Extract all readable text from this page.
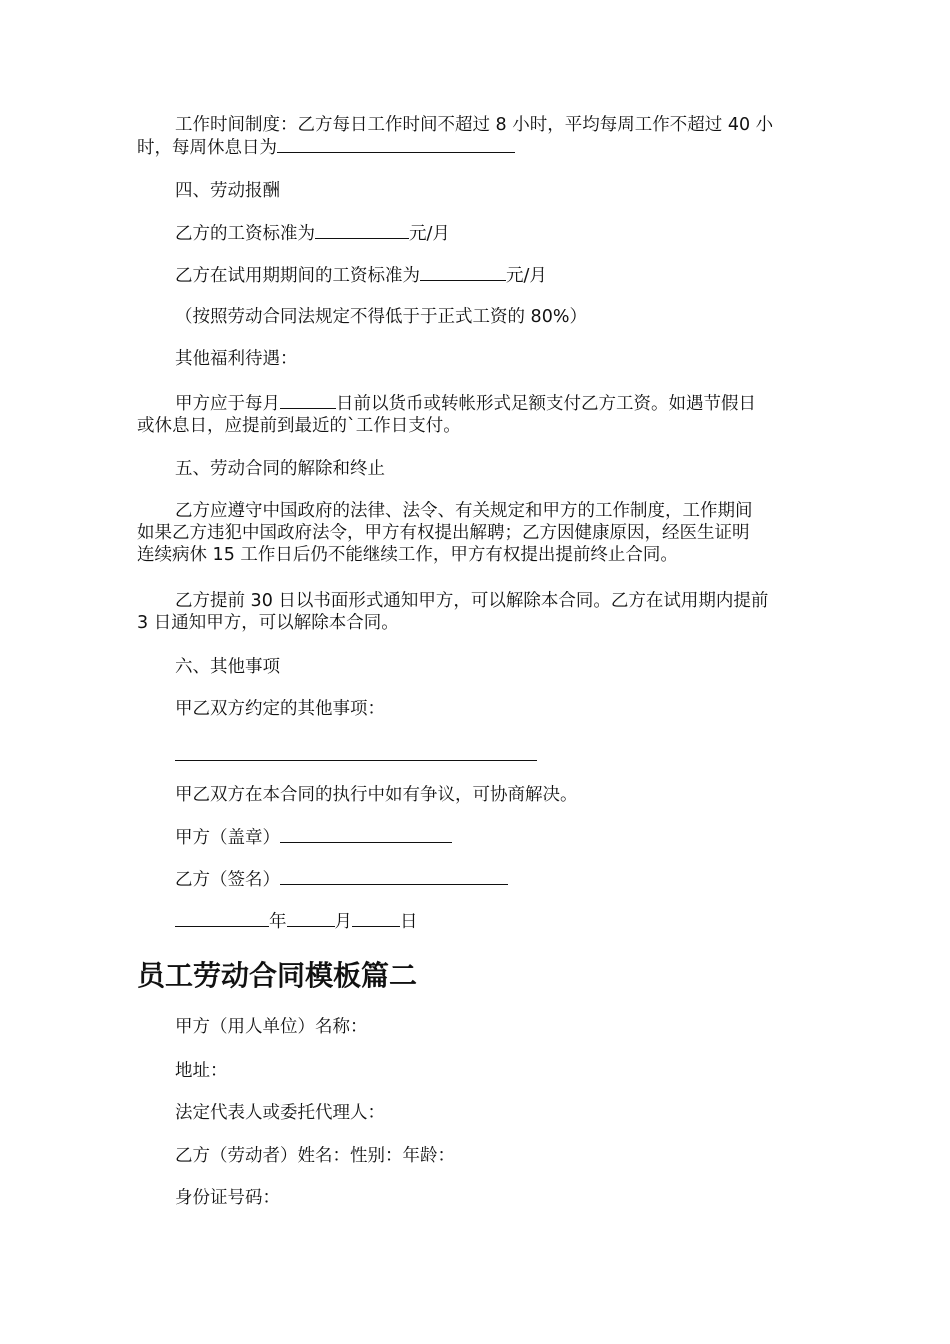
工作时间制度：乙方每日工作时间不超过 8 小时，平均每周工作不超过 40 小
时，每周休息日为

四、劳动报酬

乙方的工资标准为	元/月

乙方在试用期期间的工资标准为	元/月

（按照劳动合同法规定不得低于于正式工资的 80%）

其他福利待遇：

甲方应于每月	日前以货币或转帐形式足额支付乙方工资。如遇节假日
或休息日，应提前到最近的`工作日支付。

五、劳动合同的解除和终止

乙方应遵守中国政府的法律、法令、有关规定和甲方的工作制度，工作期间
如果乙方违犯中国政府法令，甲方有权提出解聘；乙方因健康原因，经医生证明
连续病休 15 工作日后仍不能继续工作，甲方有权提出提前终止合同。

乙方提前 30 日以书面形式通知甲方，可以解除本合同。乙方在试用期内提前
3 日通知甲方，可以解除本合同。

六、其他事项

甲乙双方约定的其他事项：

甲乙双方在本合同的执行中如有争议，可协商解决。

甲方（盖章）

乙方（签名）

年	月	日

员工劳动合同模板篇二

甲方（用人单位）名称：

地址：

法定代表人或委托代理人：

乙方（劳动者）姓名：性别：年龄：

身份证号码：
